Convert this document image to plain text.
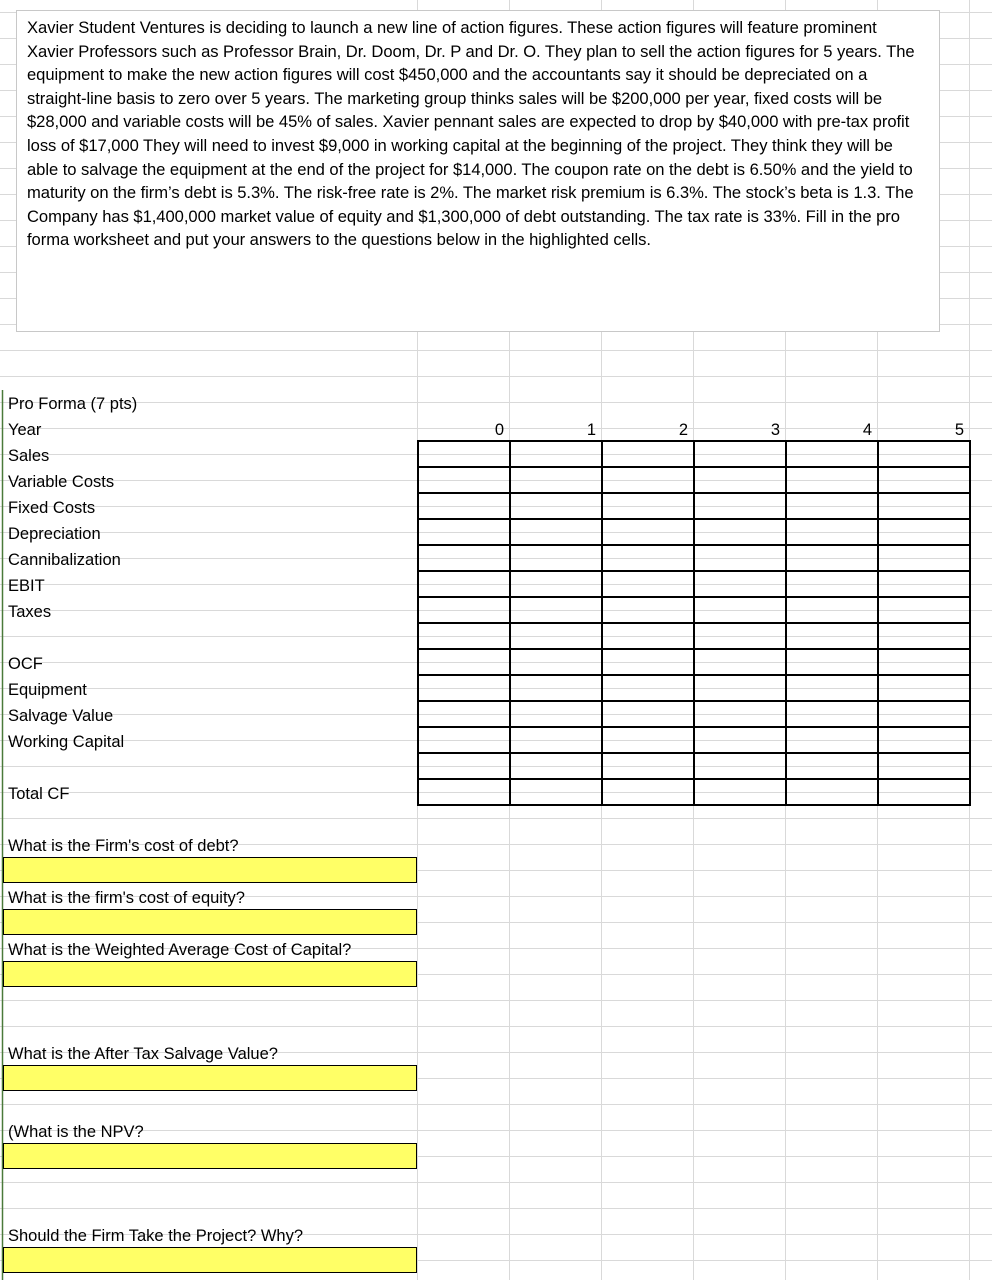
Xavier Student Ventures is deciding to launch a new line of action figures. These action figures will feature prominent Xavier Professors such as Professor Brain, Dr. Doom, Dr. P and Dr. O. They plan to sell the action figures for 5 years. The equipment to make the new action figures will cost $450,000 and the accountants say it should be depreciated on a straight-line basis to zero over 5 years. The marketing group thinks sales will be $200,000 per year, fixed costs will be $28,000 and variable costs will be 45% of sales. Xavier pennant sales are expected to drop by $40,000 with pre-tax profit loss of $17,000 They will need to invest $9,000 in working capital at the beginning of the project. They think they will be able to salvage the equipment at the end of the project for $14,000. The coupon rate on the debt is 6.50% and the yield to maturity on the firm’s debt is 5.3%. The risk-free rate is 2%. The market risk premium is 6.3%. The stock’s beta is 1.3. The Company has $1,400,000 market value of equity and $1,300,000 of debt outstanding. The tax rate is 33%. Fill in the pro forma worksheet and put your answers to the questions below in the highlighted cells.
Pro Forma (7 pts)
Year	0	1	2	3	4	5
Sales
Variable Costs
Fixed Costs
Depreciation
Cannibalization
EBIT
Taxes
OCF
Equipment
Salvage Value
Working Capital
Total CF
What is the Firm's cost of debt?
What is the firm's cost of equity?
What is the Weighted Average Cost of Capital?
What is the After Tax Salvage Value?
(What is the NPV?
Should the Firm Take the Project? Why?
